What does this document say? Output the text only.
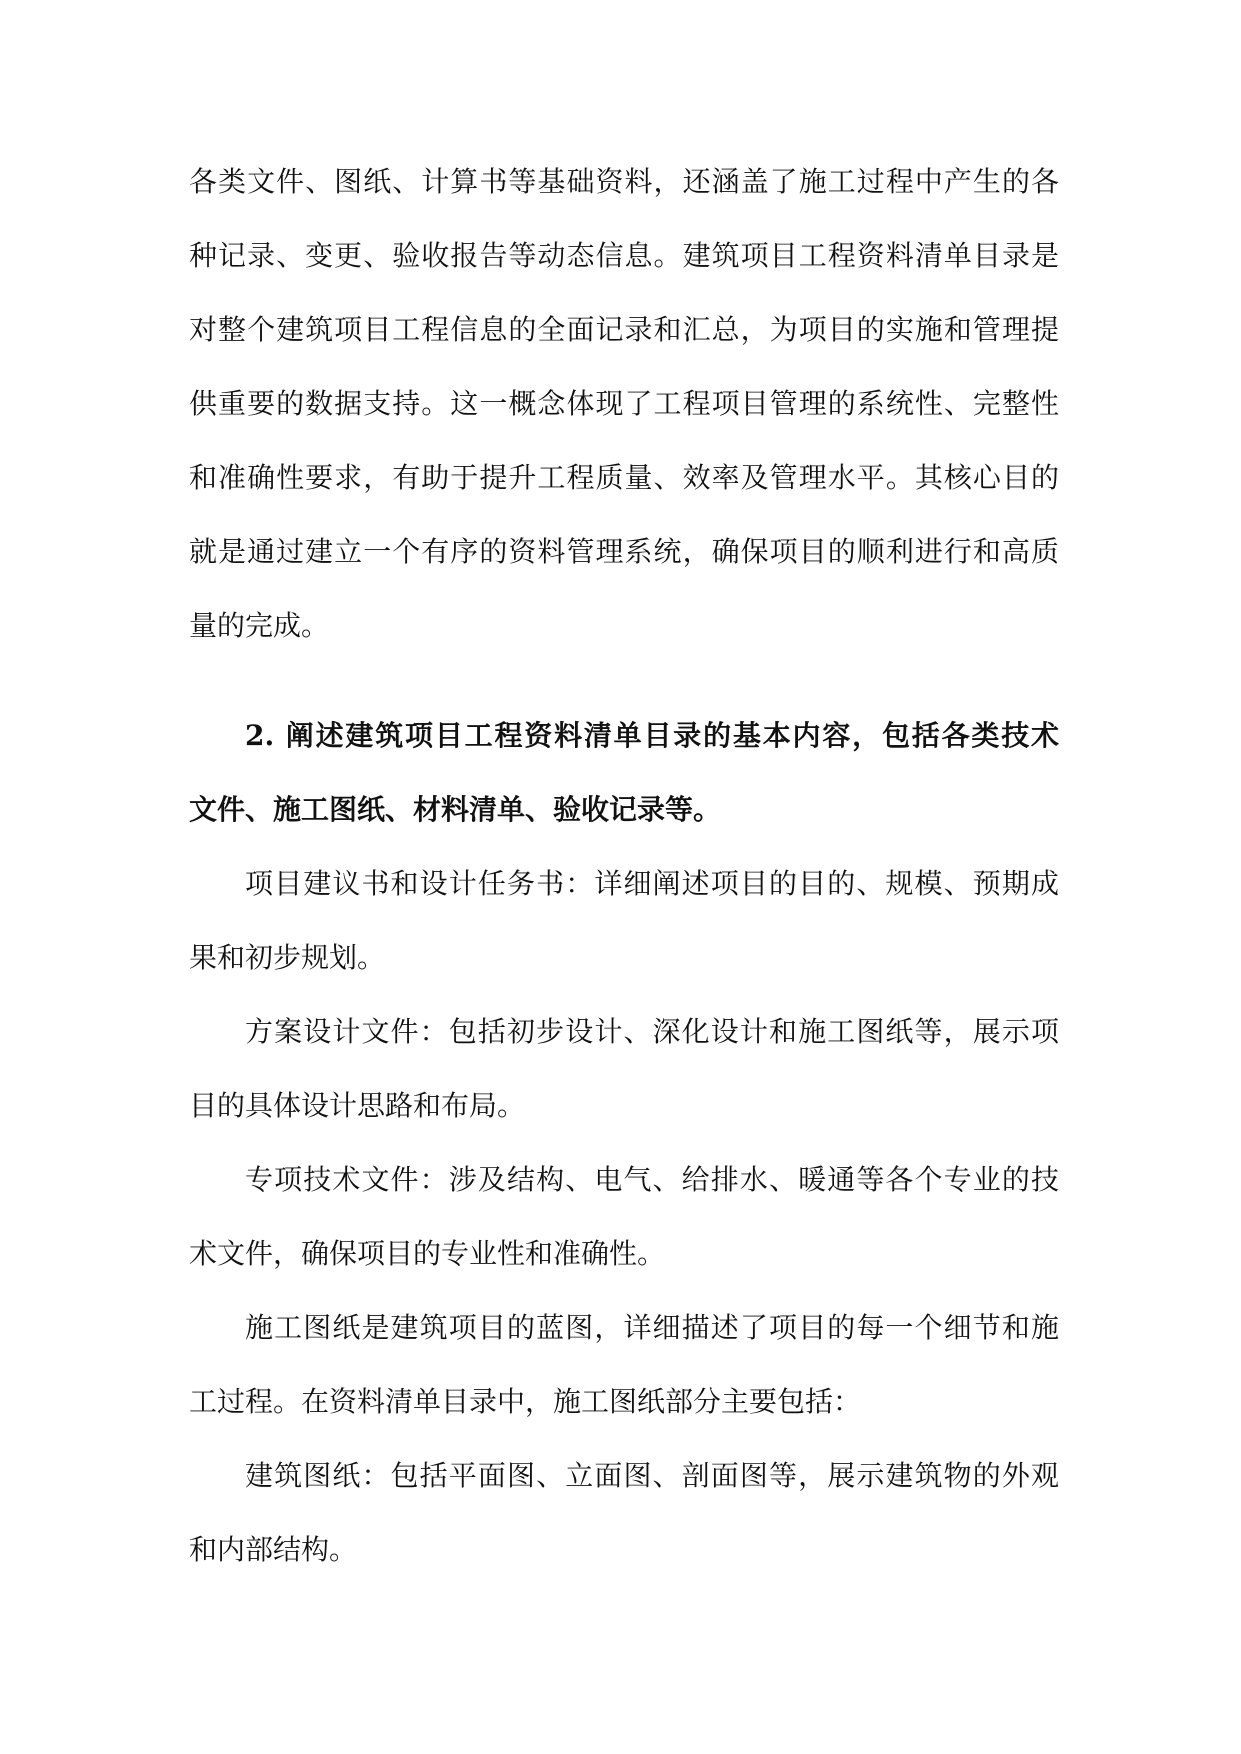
各类文件、图纸、计算书等基础资料，还涵盖了施工过程中产生的各
种记录、变更、验收报告等动态信息。建筑项目工程资料清单目录是
对整个建筑项目工程信息的全面记录和汇总，为项目的实施和管理提
供重要的数据支持。这一概念体现了工程项目管理的系统性、完整性
和准确性要求，有助于提升工程质量、效率及管理水平。其核心目的
就是通过建立一个有序的资料管理系统，确保项目的顺利进行和高质
量的完成。
2. 阐述建筑项目工程资料清单目录的基本内容，包括各类技术
文件、施工图纸、材料清单、验收记录等。
项目建议书和设计任务书：详细阐述项目的目的、规模、预期成
果和初步规划。
方案设计文件：包括初步设计、深化设计和施工图纸等，展示项
目的具体设计思路和布局。
专项技术文件：涉及结构、电气、给排水、暖通等各个专业的技
术文件，确保项目的专业性和准确性。
施工图纸是建筑项目的蓝图，详细描述了项目的每一个细节和施
工过程。在资料清单目录中，施工图纸部分主要包括：
建筑图纸：包括平面图、立面图、剖面图等，展示建筑物的外观
和内部结构。
